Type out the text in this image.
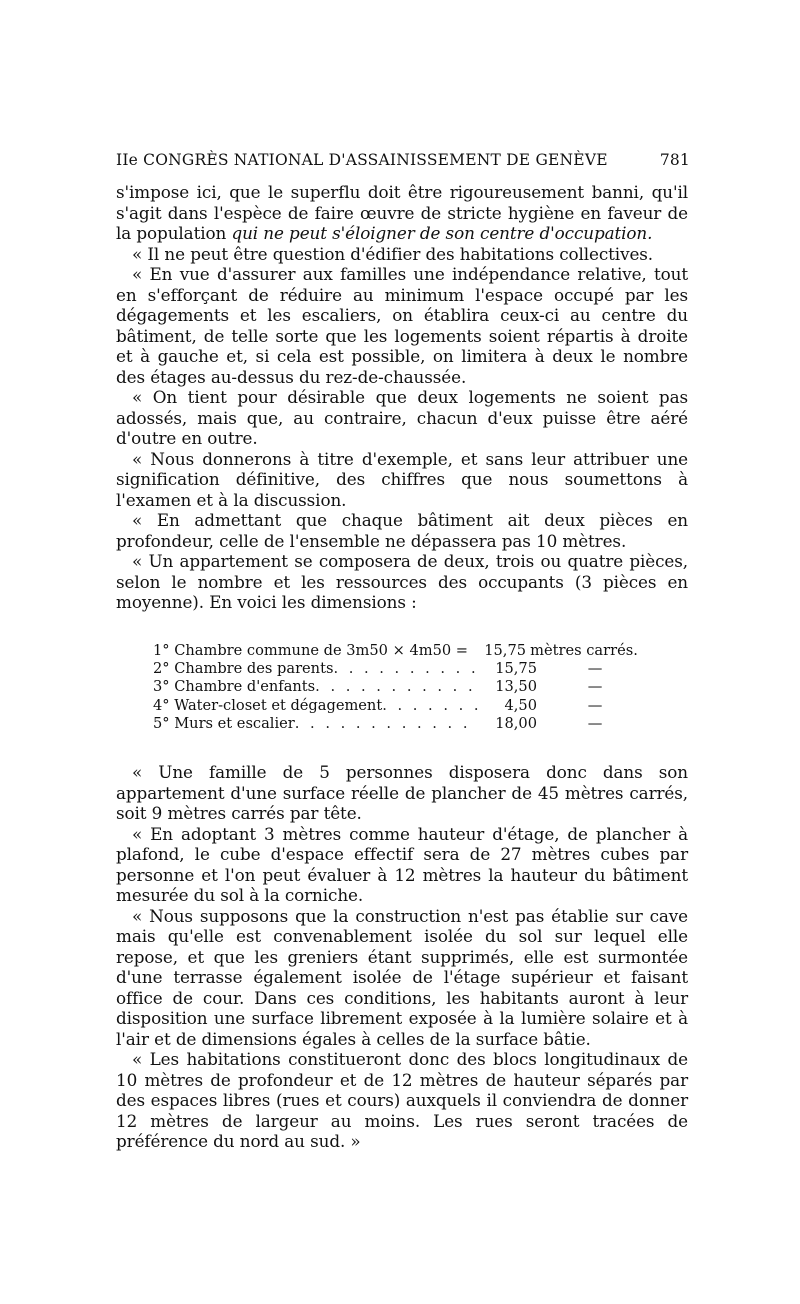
IIe CONGRÈS NATIONAL D'ASSAINISSEMENT DE GENÈVE	781

s'impose ici, que le superflu doit être rigoureusement banni, qu'il s'agit dans l'espèce de faire œuvre de stricte hygiène en faveur de la population qui ne peut s'éloigner de son centre d'occupation.

« Il ne peut être question d'édifier des habitations collectives.

« En vue d'assurer aux familles une indépendance relative, tout en s'efforçant de réduire au minimum l'espace occupé par les dégagements et les escaliers, on établira ceux-ci au centre du bâtiment, de telle sorte que les logements soient répartis à droite et à gauche et, si cela est possible, on limitera à deux le nombre des étages au-dessus du rez-de-chaussée.

« On tient pour désirable que deux logements ne soient pas adossés, mais que, au contraire, chacun d'eux puisse être aéré d'outre en outre.

« Nous donnerons à titre d'exemple, et sans leur attribuer une signification définitive, des chiffres que nous soumettons à l'examen et à la discussion.

« En admettant que chaque bâtiment ait deux pièces en profondeur, celle de l'ensemble ne dépassera pas 10 mètres.

« Un appartement se composera de deux, trois ou quatre pièces, selon le nombre et les ressources des occupants (3 pièces en moyenne). En voici les dimensions :

1° Chambre commune de 3m50 × 4m50 =	15,75 mètres carrés.
2° Chambre des parents . . .	15,75	—
3° Chambre d'enfants . . .	13,50	—
4° Water-closet et dégagement . . .	4,50	—
5° Murs et escalier . . .	18,00	—

« Une famille de 5 personnes disposera donc dans son appartement d'une surface réelle de plancher de 45 mètres carrés, soit 9 mètres carrés par tête.

« En adoptant 3 mètres comme hauteur d'étage, de plancher à plafond, le cube d'espace effectif sera de 27 mètres cubes par personne et l'on peut évaluer à 12 mètres la hauteur du bâtiment mesurée du sol à la corniche.

« Nous supposons que la construction n'est pas établie sur cave mais qu'elle est convenablement isolée du sol sur lequel elle repose, et que les greniers étant supprimés, elle est surmontée d'une terrasse également isolée de l'étage supérieur et faisant office de cour. Dans ces conditions, les habitants auront à leur disposition une surface librement exposée à la lumière solaire et à l'air et de dimensions égales à celles de la surface bâtie.

« Les habitations constitueront donc des blocs longitudinaux de 10 mètres de profondeur et de 12 mètres de hauteur séparés par des espaces libres (rues et cours) auxquels il conviendra de donner 12 mètres de largeur au moins. Les rues seront tracées de préférence du nord au sud. »
